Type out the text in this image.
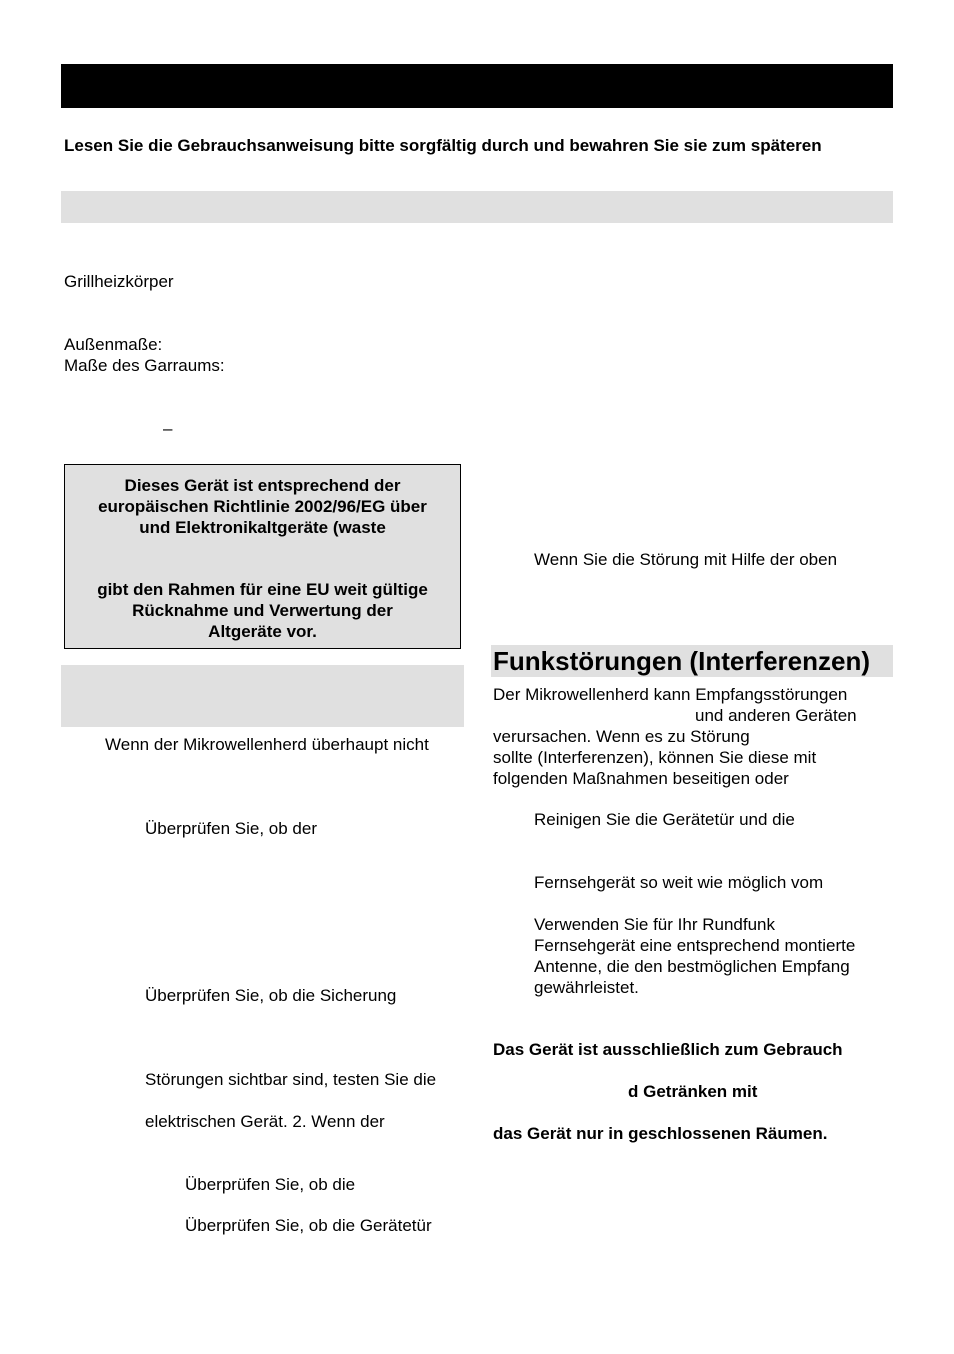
Lesen Sie die Gebrauchsanweisung bitte sorgfältig durch und bewahren Sie sie zum späteren
Grillheizkörper
Außenmaße:
Maße des Garraums:
–
Dieses Gerät ist entsprechend der
europäischen Richtlinie 2002/96/EG über
und Elektronikaltgeräte (waste
gibt den Rahmen für eine EU weit gültige
Rücknahme und Verwertung der
Altgeräte vor.
Wenn der Mikrowellenherd überhaupt nicht
Überprüfen Sie, ob der
Überprüfen Sie, ob die Sicherung
Störungen sichtbar sind, testen Sie die
elektrischen Gerät. 2. Wenn der
Überprüfen Sie, ob die
Überprüfen Sie, ob die Gerätetür
Wenn Sie die Störung mit Hilfe der oben
Funkstörungen (Interferenzen)
Der Mikrowellenherd kann Empfangsstörungen
und anderen Geräten
verursachen. Wenn es zu Störung
sollte (Interferenzen), können Sie diese mit
folgenden Maßnahmen beseitigen oder
Reinigen Sie die Gerätetür und die
Fernsehgerät so weit wie möglich vom
Verwenden Sie für Ihr Rundfunk
Fernsehgerät eine entsprechend montierte
Antenne, die den bestmöglichen Empfang
gewährleistet.
Das Gerät ist ausschließlich zum Gebrauch
d Getränken mit
das Gerät nur in geschlossenen Räumen.
